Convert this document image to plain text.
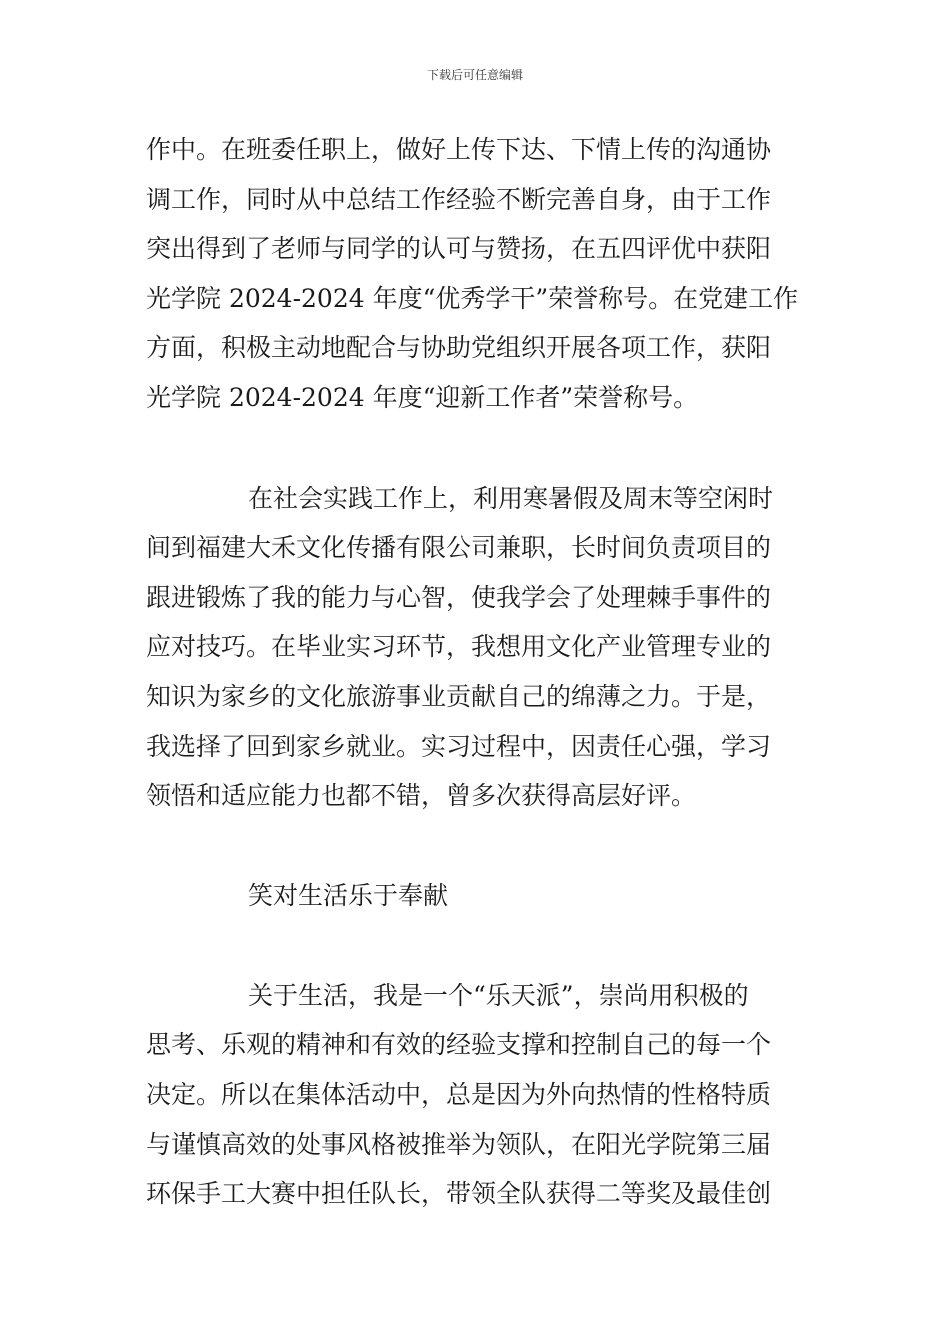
下载后可任意编辑
作中。在班委任职上，做好上传下达、下情上传的沟通协
调工作，同时从中总结工作经验不断完善自身，由于工作
突出得到了老师与同学的认可与赞扬，在五四评优中获阳
光学院 2024-2024 年度“优秀学干”荣誉称号。在党建工作
方面，积极主动地配合与协助党组织开展各项工作，获阳
光学院 2024-2024 年度“迎新工作者”荣誉称号。
在社会实践工作上，利用寒暑假及周末等空闲时
间到福建大禾文化传播有限公司兼职，长时间负责项目的
跟进锻炼了我的能力与心智，使我学会了处理棘手事件的
应对技巧。在毕业实习环节，我想用文化产业管理专业的
知识为家乡的文化旅游事业贡献自己的绵薄之力。于是，
我选择了回到家乡就业。实习过程中，因责任心强，学习
领悟和适应能力也都不错，曾多次获得高层好评。
笑对生活乐于奉献
关于生活，我是一个“乐天派”，崇尚用积极的
思考、乐观的精神和有效的经验支撑和控制自己的每一个
决定。所以在集体活动中，总是因为外向热情的性格特质
与谨慎高效的处事风格被推举为领队，在阳光学院第三届
环保手工大赛中担任队长，带领全队获得二等奖及最佳创
